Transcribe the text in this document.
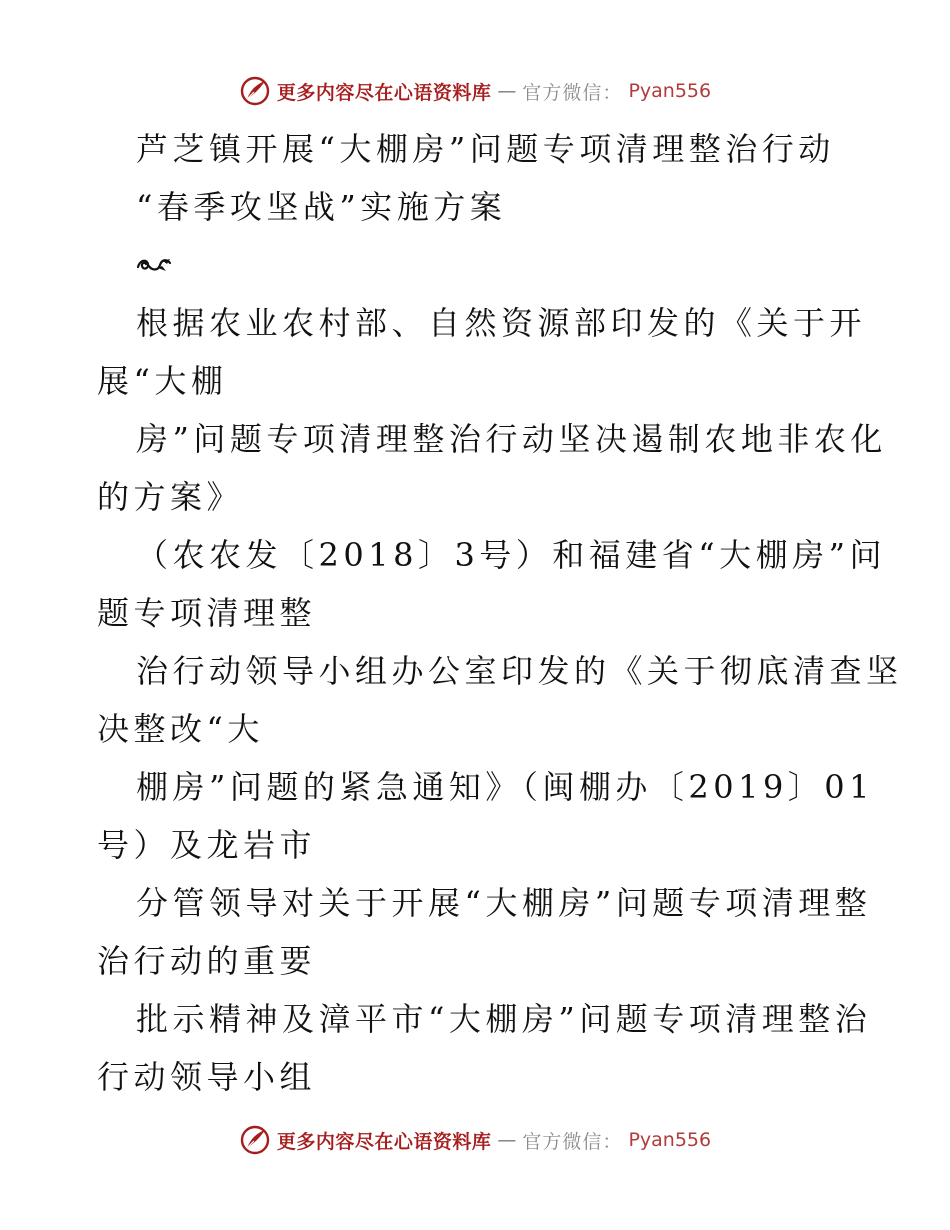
更多内容尽在心语资料库 — 官方微信： Pyan556
芦芝镇开展“大棚房”问题专项清理整治行动
“春季攻坚战”实施方案
根据农业农村部、自然资源部印发的《关于开
展“大棚
房”问题专项清理整治行动坚决遏制农地非农化
的方案》
（农农发〔2018〕3号）和福建省“大棚房”问
题专项清理整
治行动领导小组办公室印发的《关于彻底清查坚
决整改“大
棚房”问题的紧急通知》（闽棚办〔2019〕01
号）及龙岩市
分管领导对关于开展“大棚房”问题专项清理整
治行动的重要
批示精神及漳平市“大棚房”问题专项清理整治
行动领导小组
更多内容尽在心语资料库 — 官方微信： Pyan556
